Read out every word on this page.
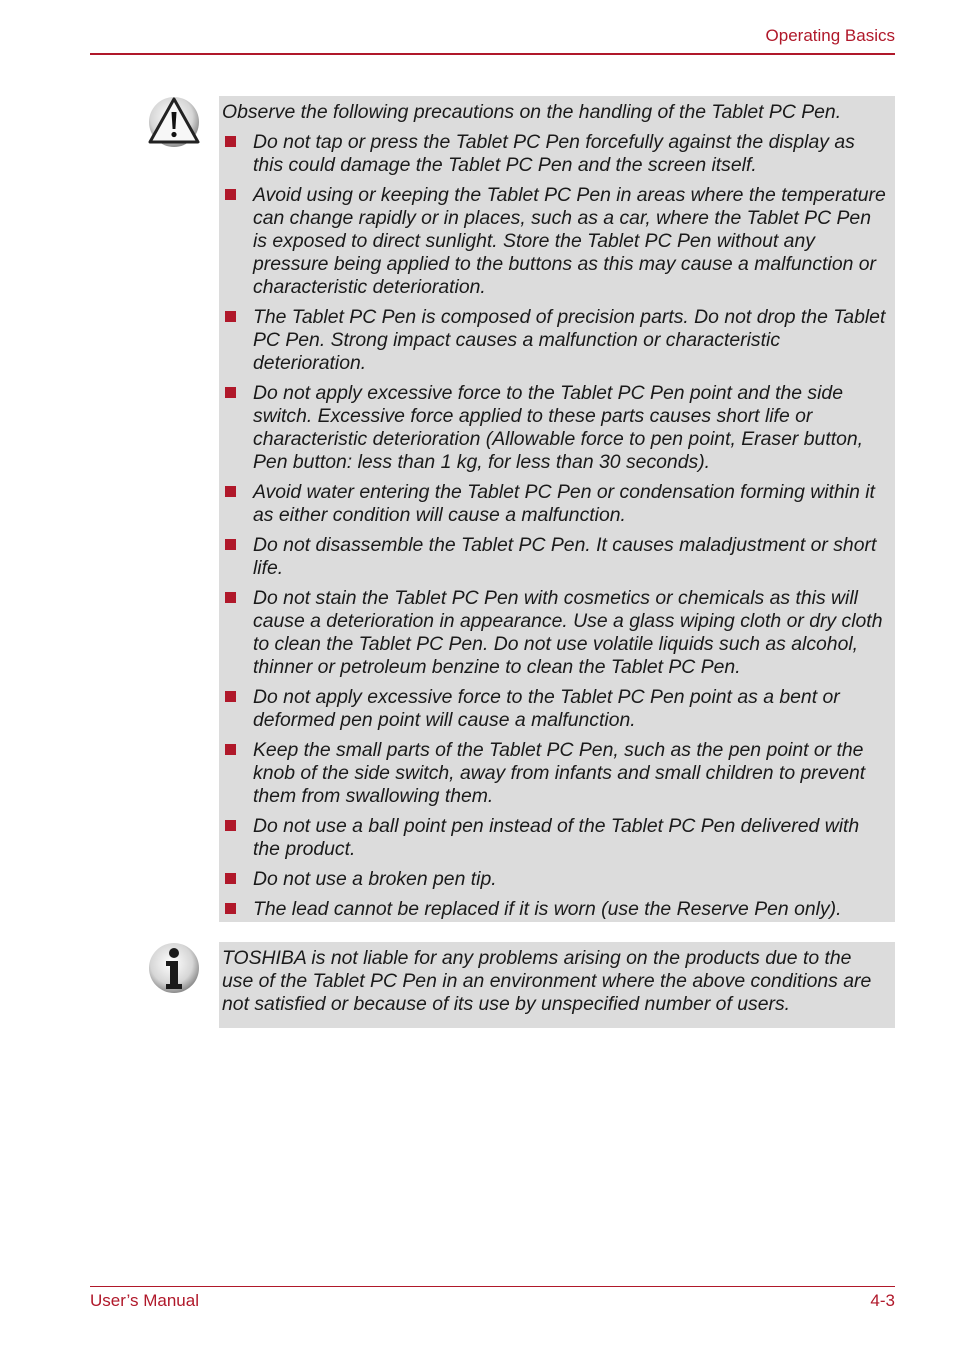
Operating Basics

Observe the following precautions on the handling of the Tablet PC Pen.

Do not tap or press the Tablet PC Pen forcefully against the display as this could damage the Tablet PC Pen and the screen itself.
Avoid using or keeping the Tablet PC Pen in areas where the temperature can change rapidly or in places, such as a car, where the Tablet PC Pen is exposed to direct sunlight. Store the Tablet PC Pen without any pressure being applied to the buttons as this may cause a malfunction or characteristic deterioration.
The Tablet PC Pen is composed of precision parts. Do not drop the Tablet PC Pen. Strong impact causes a malfunction or characteristic deterioration.
Do not apply excessive force to the Tablet PC Pen point and the side switch. Excessive force applied to these parts causes short life or characteristic deterioration (Allowable force to pen point, Eraser button, Pen button: less than 1 kg, for less than 30 seconds).
Avoid water entering the Tablet PC Pen or condensation forming within it as either condition will cause a malfunction.
Do not disassemble the Tablet PC Pen. It causes maladjustment or short life.
Do not stain the Tablet PC Pen with cosmetics or chemicals as this will cause a deterioration in appearance. Use a glass wiping cloth or dry cloth to clean the Tablet PC Pen. Do not use volatile liquids such as alcohol, thinner or petroleum benzine to clean the Tablet PC Pen.
Do not apply excessive force to the Tablet PC Pen point as a bent or deformed pen point will cause a malfunction.
Keep the small parts of the Tablet PC Pen, such as the pen point or the knob of the side switch, away from infants and small children to prevent them from swallowing them.
Do not use a ball point pen instead of the Tablet PC Pen delivered with the product.
Do not use a broken pen tip.
The lead cannot be replaced if it is worn (use the Reserve Pen only).

TOSHIBA is not liable for any problems arising on the products due to the use of the Tablet PC Pen in an environment where the above conditions are not satisfied or because of its use by unspecified number of users.

User’s Manual	4-3
